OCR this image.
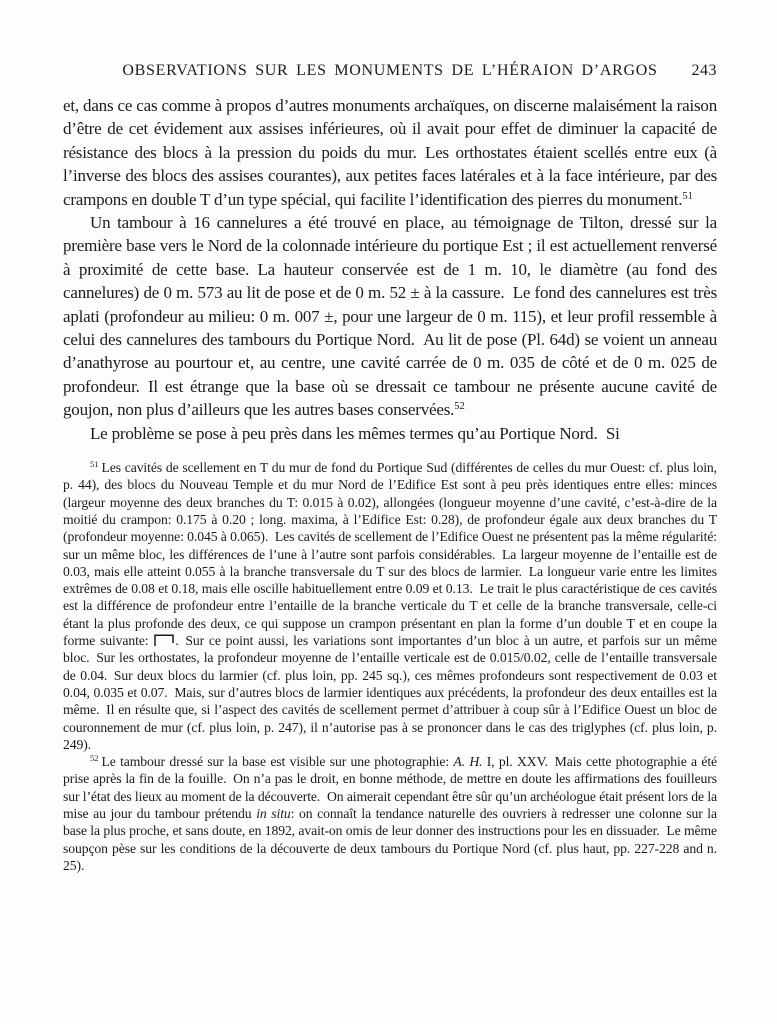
OBSERVATIONS SUR LES MONUMENTS DE L’HÉRAION D’ARGOS 243

et, dans ce cas comme à propos d’autres monuments archaïques, on discerne malaisément la raison d’être de cet évidement aux assises inférieures, où il avait pour effet de diminuer la capacité de résistance des blocs à la pression du poids du mur. Les orthostates étaient scellés entre eux (à l’inverse des blocs des assises courantes), aux petites faces latérales et à la face intérieure, par des crampons en double T d’un type spécial, qui facilite l’identification des pierres du monument.$^{51}$

Un tambour à 16 cannelures a été trouvé en place, au témoignage de Tilton, dressé sur la première base vers le Nord de la colonnade intérieure du portique Est ; il est actuellement renversé à proximité de cette base. La hauteur conservée est de 1 m. 10, le diamètre (au fond des cannelures) de 0 m. 573 au lit de pose et de 0 m. 52 ± à la cassure. Le fond des cannelures est très aplati (profondeur au milieu: 0 m. 007 ±, pour une largeur de 0 m. 115), et leur profil ressemble à celui des cannelures des tambours du Portique Nord. Au lit de pose (Pl. 64d) se voient un anneau d’anathyrose au pourtour et, au centre, une cavité carrée de 0 m. 035 de côté et de 0 m. 025 de profondeur. Il est étrange que la base où se dressait ce tambour ne présente aucune cavité de goujon, non plus d’ailleurs que les autres bases conservées.$^{52}$

Le problème se pose à peu près dans les mêmes termes qu’au Portique Nord. Si

$^{51}$ Les cavités de scellement en T du mur de fond du Portique Sud (différentes de celles du mur Ouest: cf. plus loin, p. 44), des blocs du Nouveau Temple et du mur Nord de l’Edifice Est sont à peu près identiques entre elles: minces (largeur moyenne des deux branches du T: 0.015 à 0.02), allongées (longueur moyenne d’une cavité, c’est-à-dire de la moitié du crampon: 0.175 à 0.20 ; long. maxima, à l’Edifice Est: 0.28), de profondeur égale aux deux branches du T (profondeur moyenne: 0.045 à 0.065). Les cavités de scellement de l’Edifice Ouest ne présentent pas la même régularité: sur un même bloc, les différences de l’une à l’autre sont parfois considérables. La largeur moyenne de l’entaille est de 0.03, mais elle atteint 0.055 à la branche transversale du T sur des blocs de larmier. La longueur varie entre les limites extrêmes de 0.08 et 0.18, mais elle oscille habituellement entre 0.09 et 0.13. Le trait le plus caractéristique de ces cavités est la différence de profondeur entre l’entaille de la branche verticale du T et celle de la branche transversale, celle-ci étant la plus profonde des deux, ce qui suppose un crampon présentant en plan la forme d’un double T et en coupe la forme suivante: . Sur ce point aussi, les variations sont importantes d’un bloc à un autre, et parfois sur un même bloc. Sur les orthostates, la profondeur moyenne de l’entaille verticale est de 0.015/0.02, celle de l’entaille transversale de 0.04. Sur deux blocs du larmier (cf. plus loin, pp. 245 sq.), ces mêmes profondeurs sont respectivement de 0.03 et 0.04, 0.035 et 0.07. Mais, sur d’autres blocs de larmier identiques aux précédents, la profondeur des deux entailles est la même. Il en résulte que, si l’aspect des cavités de scellement permet d’attribuer à coup sûr à l’Edifice Ouest un bloc de couronnement de mur (cf. plus loin, p. 247), il n’autorise pas à se prononcer dans le cas des triglyphes (cf. plus loin, p. 249).

$^{52}$ Le tambour dressé sur la base est visible sur une photographie: A. H. I, pl. XXV. Mais cette photographie a été prise après la fin de la fouille. On n’a pas le droit, en bonne méthode, de mettre en doute les affirmations des fouilleurs sur l’état des lieux au moment de la découverte. On aimerait cependant être sûr qu’un archéologue était présent lors de la mise au jour du tambour prétendu in situ: on connaît la tendance naturelle des ouvriers à redresser une colonne sur la base la plus proche, et sans doute, en 1892, avait-on omis de leur donner des instructions pour les en dissuader. Le même soupçon pèse sur les conditions de la découverte de deux tambours du Portique Nord (cf. plus haut, pp. 227-228 and n. 25).
